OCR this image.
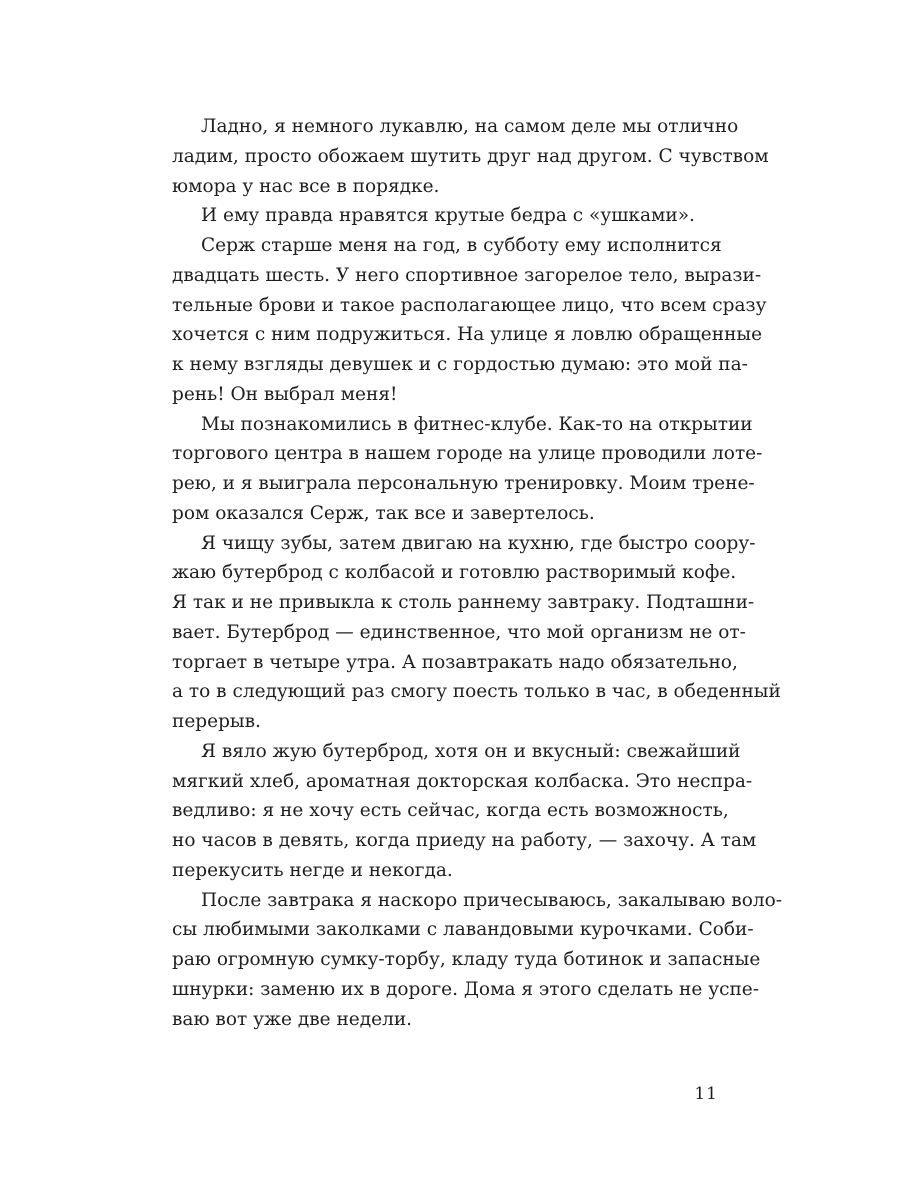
Ладно, я немного лукавлю, на самом деле мы отлично
ладим, просто обожаем шутить друг над другом. С чувством
юмора у нас все в порядке.
И ему правда нравятся крутые бедра с «ушками».
Серж старше меня на год, в субботу ему исполнится
двадцать шесть. У него спортивное загорелое тело, вырази-
тельные брови и такое располагающее лицо, что всем сразу
хочется с ним подружиться. На улице я ловлю обращенные
к нему взгляды девушек и с гордостью думаю: это мой па-
рень! Он выбрал меня!
Мы познакомились в фитнес-клубе. Как-то на открытии
торгового центра в нашем городе на улице проводили лоте-
рею, и я выиграла персональную тренировку. Моим трене-
ром оказался Серж, так все и завертелось.
Я чищу зубы, затем двигаю на кухню, где быстро соору-
жаю бутерброд с колбасой и готовлю растворимый кофе.
Я так и не привыкла к столь раннему завтраку. Подташни-
вает. Бутерброд — единственное, что мой организм не от-
торгает в четыре утра. А позавтракать надо обязательно,
а то в следующий раз смогу поесть только в час, в обеденный
перерыв.
Я вяло жую бутерброд, хотя он и вкусный: свежайший
мягкий хлеб, ароматная докторская колбаска. Это неспра-
ведливо: я не хочу есть сейчас, когда есть возможность,
но часов в девять, когда приеду на работу, — захочу. А там
перекусить негде и некогда.
После завтрака я наскоро причесываюсь, закалываю воло-
сы любимыми заколками с лавандовыми курочками. Соби-
раю огромную сумку-торбу, кладу туда ботинок и запасные
шнурки: заменю их в дороге. Дома я этого сделать не успе-
ваю вот уже две недели.
11
